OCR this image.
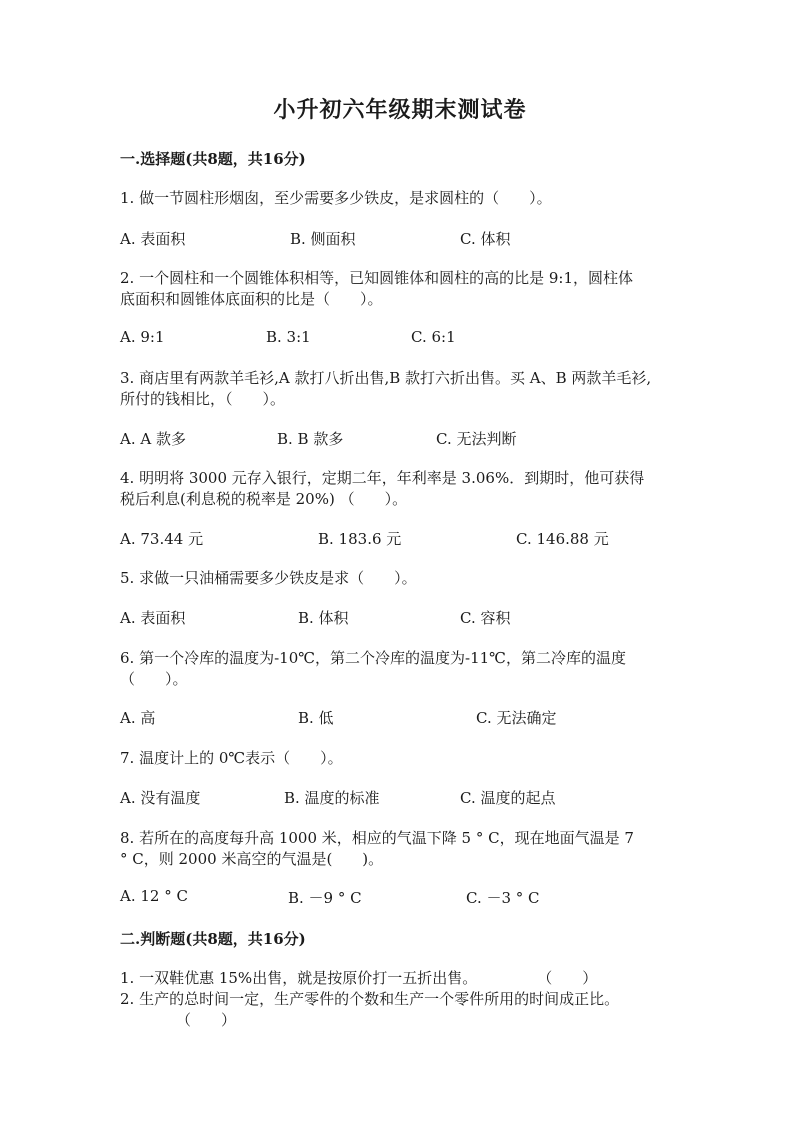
小升初六年级期末测试卷
一.选择题(共8题，共16分)
1. 做一节圆柱形烟囱，至少需要多少铁皮，是求圆柱的（　　）。
A. 表面积	B. 侧面积	C. 体积
2. 一个圆柱和一个圆锥体积相等，已知圆锥体和圆柱的高的比是 9:1，圆柱体
底面积和圆锥体底面积的比是（　　）。
A. 9:1	B. 3:1	C. 6:1
3. 商店里有两款羊毛衫,A 款打八折出售,B 款打六折出售。买 A、B 两款羊毛衫,
所付的钱相比，（　　）。
A. A 款多	B. B 款多	C. 无法判断
4. 明明将 3000 元存入银行，定期二年，年利率是 3.06%．到期时，他可获得
税后利息(利息税的税率是 20%) （　　）。
A. 73.44 元	B. 183.6 元	C. 146.88 元
5. 求做一只油桶需要多少铁皮是求（　　）。
A. 表面积	B. 体积	C. 容积
6. 第一个冷库的温度为-10℃，第二个冷库的温度为-11℃，第二冷库的温度
（　　）。
A. 高	B. 低	C. 无法确定
7. 温度计上的 0℃表示（　　）。
A. 没有温度	B. 温度的标准	C. 温度的起点
8. 若所在的高度每升高 1000 米，相应的气温下降 5 ° C，现在地面气温是 7
° C，则 2000 米高空的气温是(　　)。
A. 12 ° C	B. －9 ° C	C. －3 ° C
二.判断题(共8题，共16分)
1. 一双鞋优惠 15%出售，就是按原价打一五折出售。　　　　　（　　）
2. 生产的总时间一定，生产零件的个数和生产一个零件所用的时间成正比。
（　　）
